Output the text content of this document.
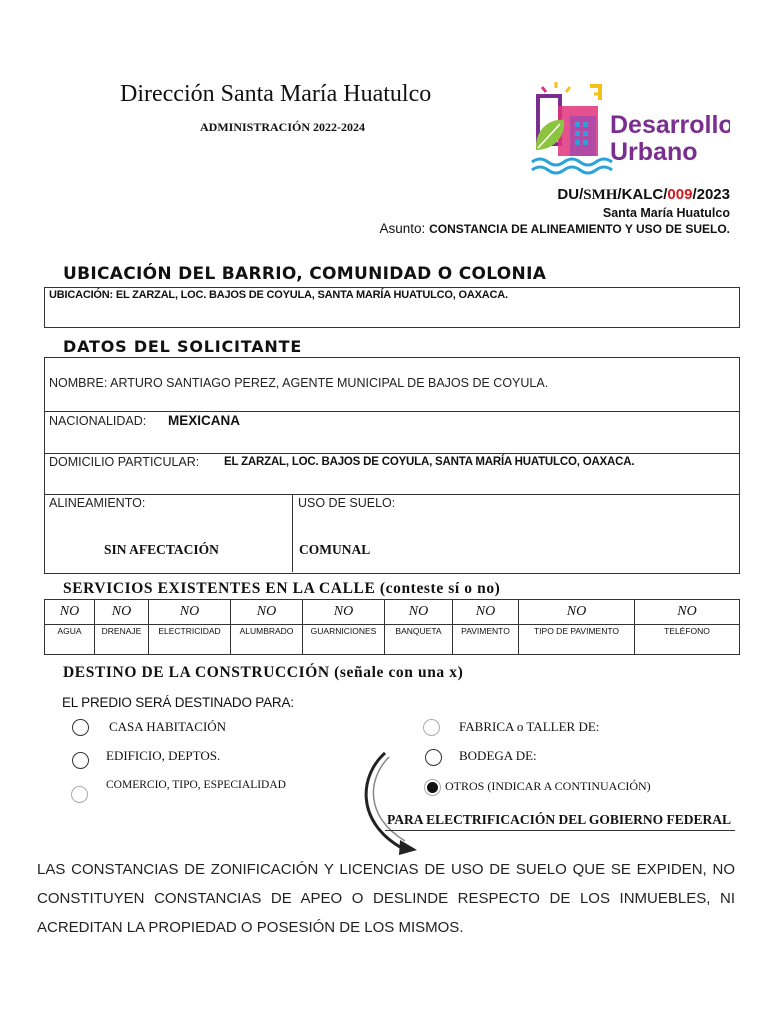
Dirección Santa María Huatulco
ADMINISTRACIÓN 2022-2024	Desarrollo
Urbano
DU/SMH/KALC/009/2023
Santa María Huatulco
Asunto: CONSTANCIA DE ALINEAMIENTO Y USO DE SUELO.
UBICACIÓN DEL BARRIO, COMUNIDAD O COLONIA
UBICACIÓN: EL ZARZAL, LOC. BAJOS DE COYULA, SANTA MARÍA HUATULCO, OAXACA.
DATOS DEL SOLICITANTE
NOMBRE: ARTURO SANTIAGO PEREZ, AGENTE MUNICIPAL DE BAJOS DE COYULA.
NACIONALIDAD: MEXICANA
DOMICILIO PARTICULAR: EL ZARZAL, LOC. BAJOS DE COYULA, SANTA MARÍA HUATULCO, OAXACA.
ALINEAMIENTO:
SIN AFECTACIÓN
USO DE SUELO:
COMUNAL
SERVICIOS EXISTENTES EN LA CALLE (conteste sí o no)
NO	NO	NO	NO	NO	NO	NO	NO	NO
AGUA	DRENAJE	ELECTRICIDAD	ALUMBRADO	GUARNICIONES	BANQUETA	PAVIMENTO	TIPO DE PAVIMENTO	TELÉFONO
DESTINO DE LA CONSTRUCCIÓN (señale con una x)
EL PREDIO SERÁ DESTINADO PARA:
CASA HABITACIÓN
EDIFICIO, DEPTOS.
COMERCIO, TIPO, ESPECIALIDAD
FABRICA o TALLER DE:
BODEGA DE:
OTROS (INDICAR A CONTINUACIÓN)
PARA ELECTRIFICACIÓN DEL GOBIERNO FEDERAL
LAS CONSTANCIAS DE ZONIFICACIÓN Y LICENCIAS DE USO DE SUELO QUE SE EXPIDEN, NO CONSTITUYEN CONSTANCIAS DE APEO O DESLINDE RESPECTO DE LOS INMUEBLES, NI ACREDITAN LA PROPIEDAD O POSESIÓN DE LOS MISMOS.
